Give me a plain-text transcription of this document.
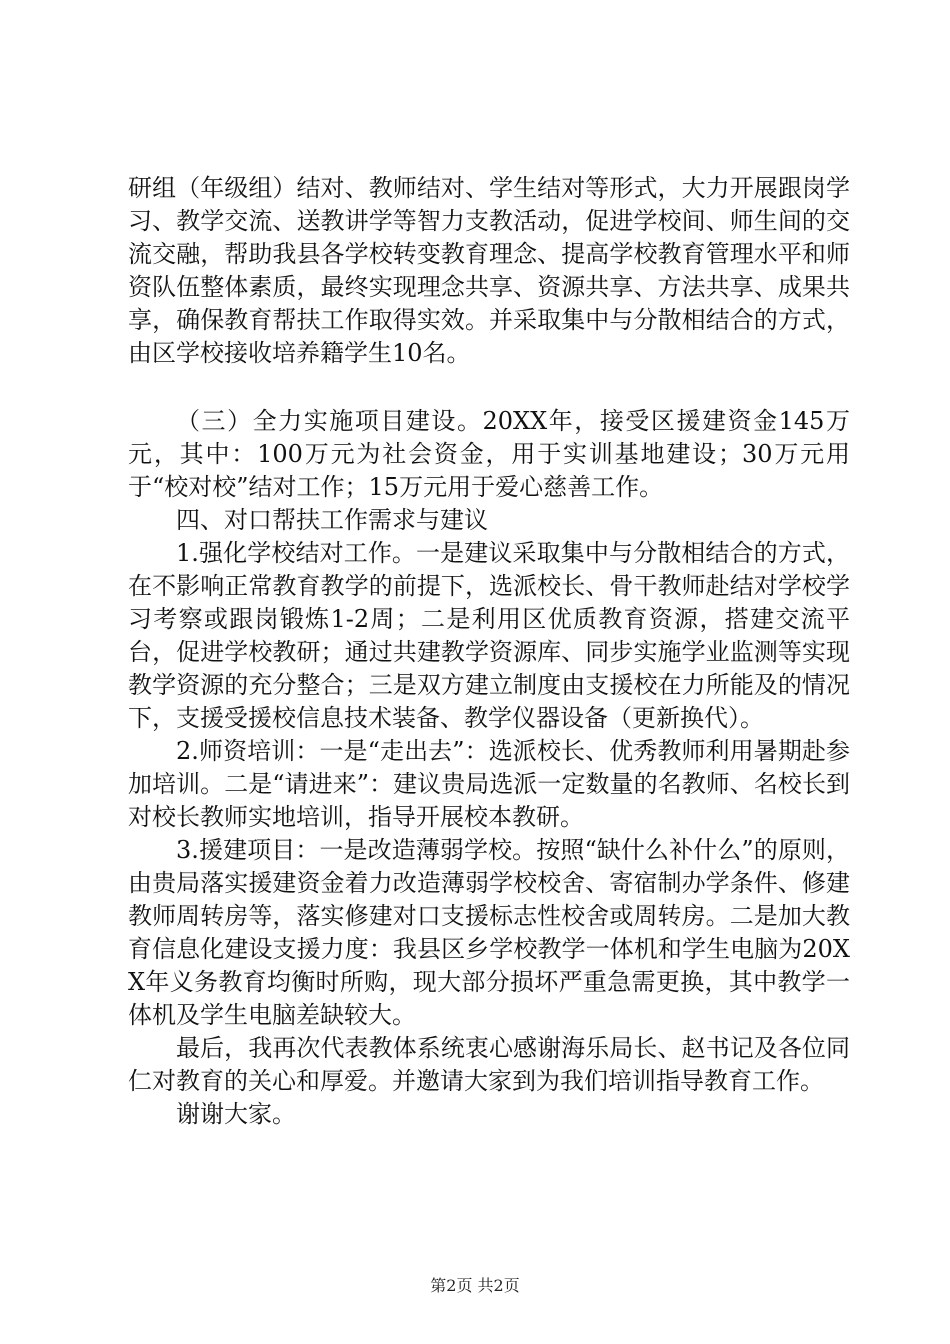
研组（年级组）结对、教师结对、学生结对等形式，大力开展跟岗学习、教学交流、送教讲学等智力支教活动，促进学校间、师生间的交流交融，帮助我县各学校转变教育理念、提高学校教育管理水平和师资队伍整体素质，最终实现理念共享、资源共享、方法共享、成果共享，确保教育帮扶工作取得实效。并采取集中与分散相结合的方式，由区学校接收培养籍学生10名。

（三）全力实施项目建设。20XX年，接受区援建资金145万元，其中：100万元为社会资金，用于实训基地建设；30万元用于“校对校”结对工作；15万元用于爱心慈善工作。

四、对口帮扶工作需求与建议

1.强化学校结对工作。一是建议采取集中与分散相结合的方式，在不影响正常教育教学的前提下，选派校长、骨干教师赴结对学校学习考察或跟岗锻炼1-2周；二是利用区优质教育资源，搭建交流平台，促进学校教研；通过共建教学资源库、同步实施学业监测等实现教学资源的充分整合；三是双方建立制度由支援校在力所能及的情况下，支援受援校信息技术装备、教学仪器设备（更新换代）。

2.师资培训：一是“走出去”：选派校长、优秀教师利用暑期赴参加培训。二是“请进来”：建议贵局选派一定数量的名教师、名校长到对校长教师实地培训，指导开展校本教研。

3.援建项目：一是改造薄弱学校。按照“缺什么补什么”的原则，由贵局落实援建资金着力改造薄弱学校校舍、寄宿制办学条件、修建教师周转房等，落实修建对口支援标志性校舍或周转房。二是加大教育信息化建设支援力度：我县区乡学校教学一体机和学生电脑为20XX年义务教育均衡时所购，现大部分损坏严重急需更换，其中教学一体机及学生电脑差缺较大。

最后，我再次代表教体系统衷心感谢海乐局长、赵书记及各位同仁对教育的关心和厚爱。并邀请大家到为我们培训指导教育工作。

谢谢大家。

第2页 共2页
